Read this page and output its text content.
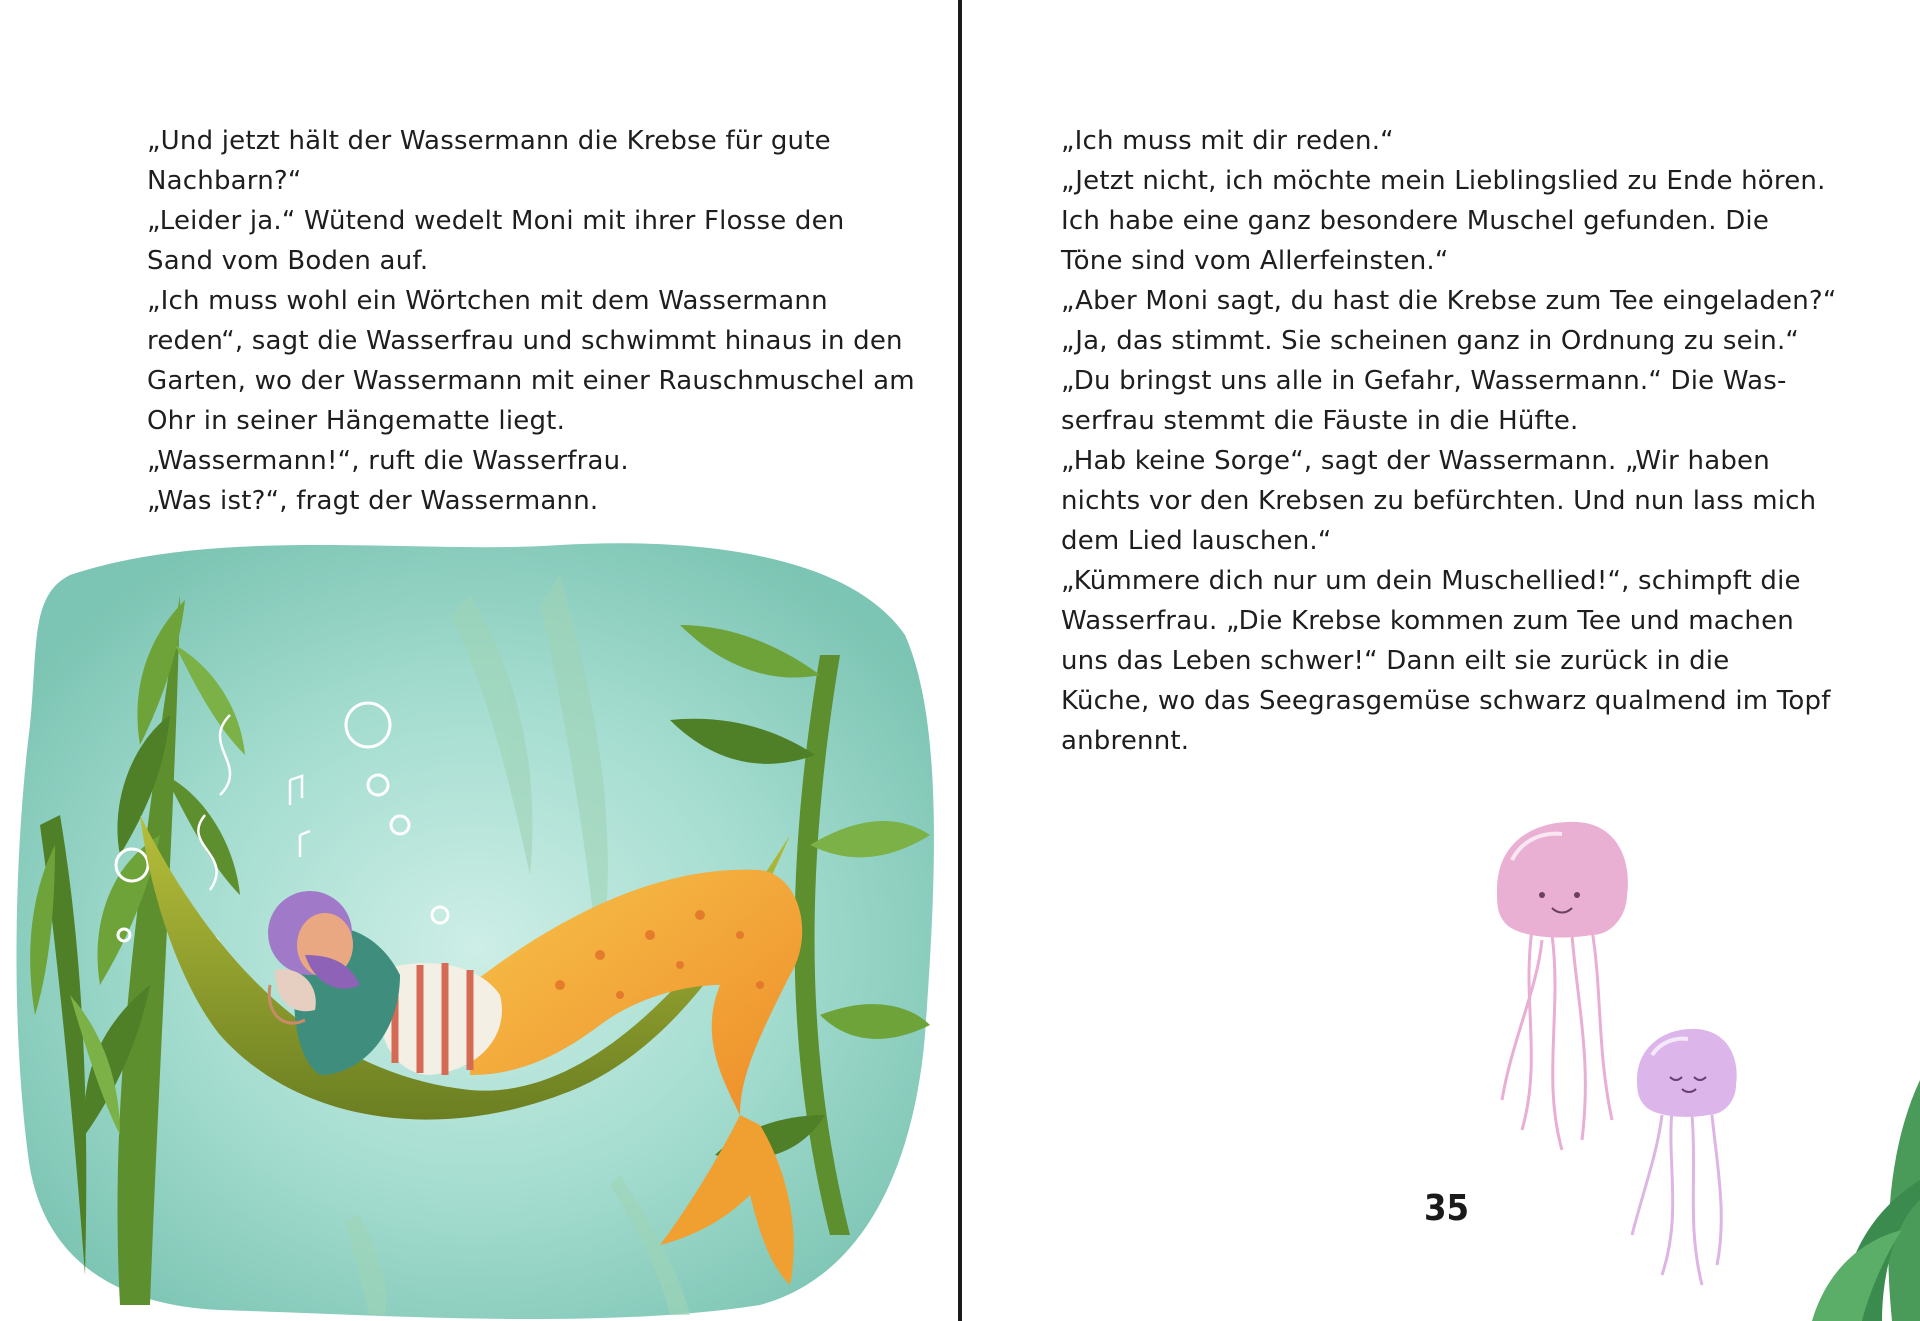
„Und jetzt hält der Wassermann die Krebse für gute

Nachbarn?“

„Leider ja.“ Wütend wedelt Moni mit ihrer Flosse den

Sand vom Boden auf.

„Ich muss wohl ein Wörtchen mit dem Wassermann

reden“, sagt die Wasserfrau und schwimmt hinaus in den

Garten, wo der Wassermann mit einer Rauschmuschel am

Ohr in seiner Hängematte liegt.

„Wassermann!“, ruft die Wasserfrau.

„Was ist?“, fragt der Wassermann.

„Ich muss mit dir reden.“

„Jetzt nicht, ich möchte mein Lieblingslied zu Ende hören.

Ich habe eine ganz besondere Muschel gefunden. Die

Töne sind vom Allerfeinsten.“

„Aber Moni sagt, du hast die Krebse zum Tee eingeladen?“

„Ja, das stimmt. Sie scheinen ganz in Ordnung zu sein.“

„Du bringst uns alle in Gefahr, Wassermann.“ Die Was-

serfrau stemmt die Fäuste in die Hüfte.

„Hab keine Sorge“, sagt der Wassermann. „Wir haben

nichts vor den Krebsen zu befürchten. Und nun lass mich

dem Lied lauschen.“

„Kümmere dich nur um dein Muschellied!“, schimpft die

Wasserfrau. „Die Krebse kommen zum Tee und machen

uns das Leben schwer!“ Dann eilt sie zurück in die

Küche, wo das Seegrasgemüse schwarz qualmend im Topf

anbrennt.

35
